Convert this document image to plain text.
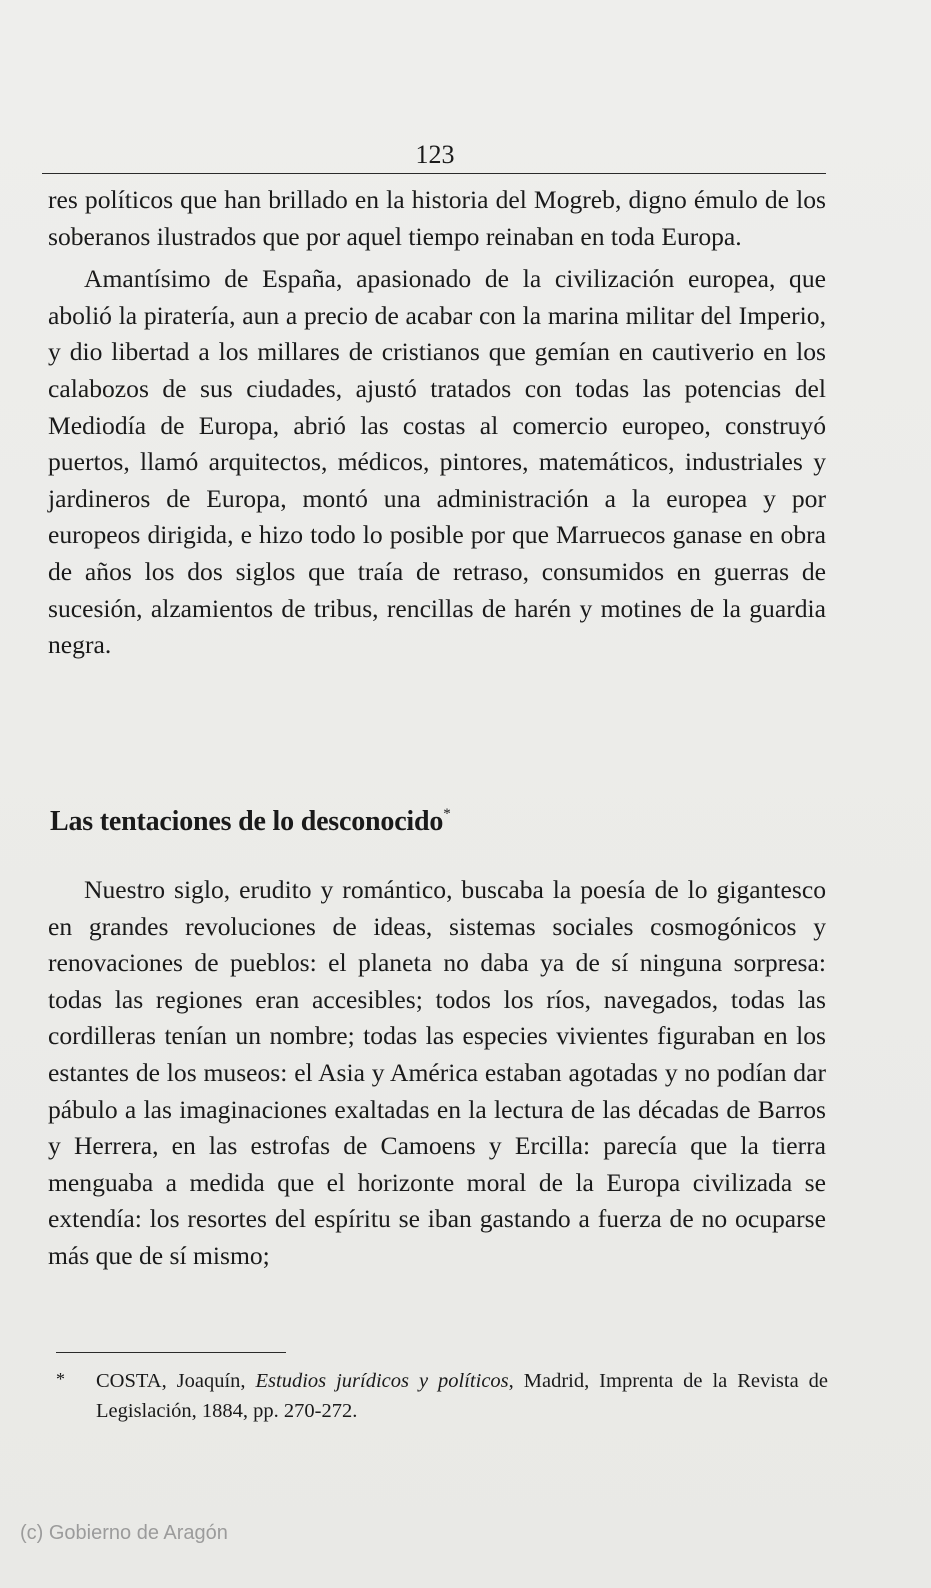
123

res políticos que han brillado en la historia del Mogreb, digno émulo de los soberanos ilustrados que por aquel tiempo reinaban en toda Europa.

Amantísimo de España, apasionado de la civilización europea, que abolió la piratería, aun a precio de acabar con la marina militar del Imperio, y dio libertad a los millares de cristianos que gemían en cautiverio en los calabozos de sus ciudades, ajustó tratados con todas las potencias del Mediodía de Europa, abrió las costas al comercio europeo, construyó puertos, llamó arquitectos, médicos, pintores, matemáticos, industriales y jardineros de Europa, montó una administración a la europea y por europeos dirigida, e hizo todo lo posible por que Marruecos ganase en obra de años los dos siglos que traía de retraso, consumidos en guerras de sucesión, alzamientos de tribus, rencillas de harén y motines de la guardia negra.

Las tentaciones de lo desconocido*

Nuestro siglo, erudito y romántico, buscaba la poesía de lo gigantesco en grandes revoluciones de ideas, sistemas sociales cosmogónicos y renovaciones de pueblos: el planeta no daba ya de sí ninguna sorpresa: todas las regiones eran accesibles; todos los ríos, navegados, todas las cordilleras tenían un nombre; todas las especies vivientes figuraban en los estantes de los museos: el Asia y América estaban agotadas y no podían dar pábulo a las imaginaciones exaltadas en la lectura de las décadas de Barros y Herrera, en las estrofas de Camoens y Ercilla: parecía que la tierra menguaba a medida que el horizonte moral de la Europa civilizada se extendía: los resortes del espíritu se iban gastando a fuerza de no ocuparse más que de sí mismo;

* COSTA, Joaquín, Estudios jurídicos y políticos, Madrid, Imprenta de la Revista de Legislación, 1884, pp. 270-272.
(c) Gobierno de Aragón
